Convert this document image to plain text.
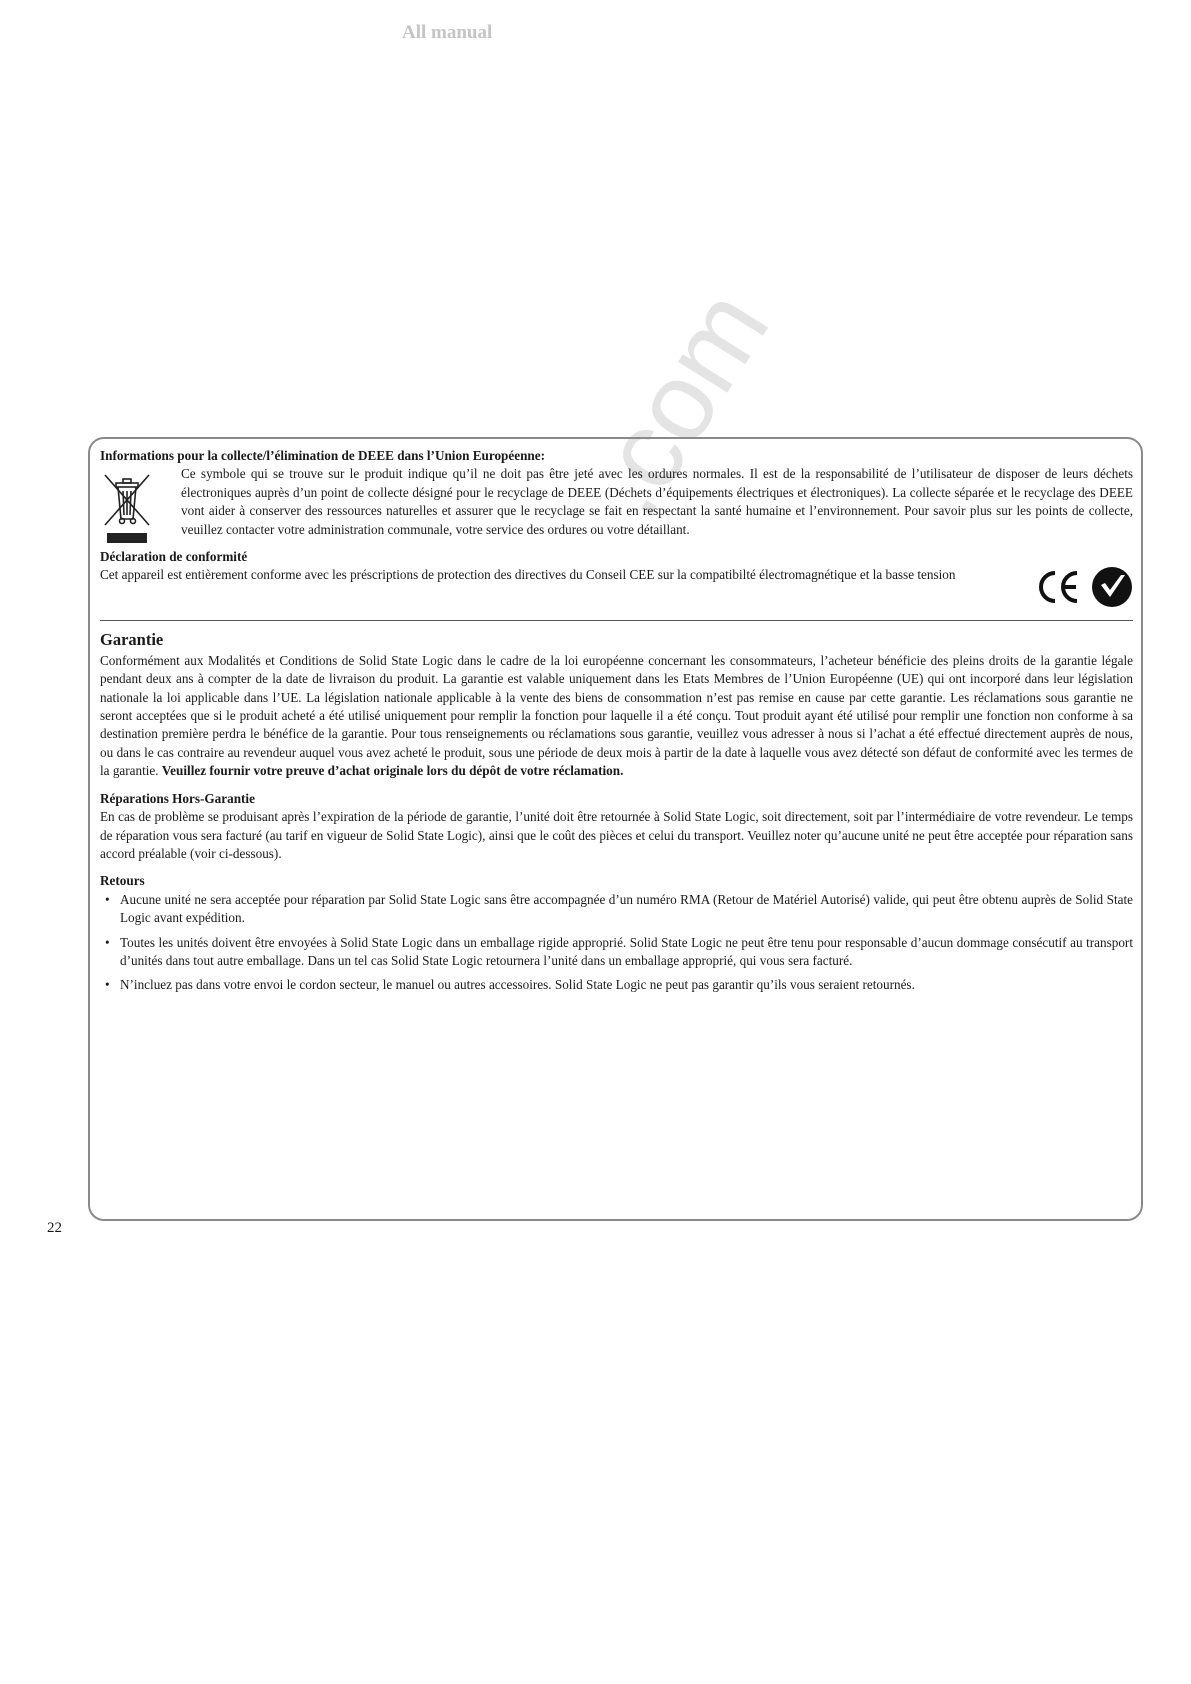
All manual
.com

Informations pour la collecte/l’élimination de DEEE dans l’Union Européenne:

Ce symbole qui se trouve sur le produit indique qu’il ne doit pas être jeté avec les ordures normales. Il est de la responsabilité de l’utilisateur de disposer de leurs déchets électroniques auprès d’un point de collecte désigné pour le recyclage de DEEE (Déchets d’équipements électriques et électroniques). La collecte séparée et le recyclage des DEEE vont aider à conserver des ressources naturelles et assurer que le recyclage se fait en respectant la santé humaine et l’environnement. Pour savoir plus sur les points de collecte, veuillez contacter votre administration communale, votre service des ordures ou votre détaillant.

Déclaration de conformité

Cet appareil est entièrement conforme avec les préscriptions de protection des directives du Conseil CEE sur la compatibilté électromagnétique et la basse tension

Garantie

Conformément aux Modalités et Conditions de Solid State Logic dans le cadre de la loi européenne concernant les consommateurs, l’acheteur bénéficie des pleins droits de la garantie légale pendant deux ans à compter de la date de livraison du produit. La garantie est valable uniquement dans les Etats Membres de l’Union Européenne (UE) qui ont incorporé dans leur législation nationale la loi applicable dans l’UE. La législation nationale applicable à la vente des biens de consommation n’est pas remise en cause par cette garantie. Les réclamations sous garantie ne seront acceptées que si le produit acheté a été utilisé uniquement pour remplir la fonction pour laquelle il a été conçu. Tout produit ayant été utilisé pour remplir une fonction non conforme à sa destination première perdra le bénéfice de la garantie. Pour tous renseignements ou réclamations sous garantie, veuillez vous adresser à nous si l’achat a été effectué directement auprès de nous, ou dans le cas contraire au revendeur auquel vous avez acheté le produit, sous une période de deux mois à partir de la date à laquelle vous avez détecté son défaut de conformité avec les termes de la garantie. Veuillez fournir votre preuve d’achat originale lors du dépôt de votre réclamation.

Réparations Hors-Garantie

En cas de problème se produisant après l’expiration de la période de garantie, l’unité doit être retournée à Solid State Logic, soit directement, soit par l’intermédiaire de votre revendeur. Le temps de réparation vous sera facturé (au tarif en vigueur de Solid State Logic), ainsi que le coût des pièces et celui du transport. Veuillez noter qu’aucune unité ne peut être acceptée pour réparation sans accord préalable (voir ci-dessous).

Retours

• Aucune unité ne sera acceptée pour réparation par Solid State Logic sans être accompagnée d’un numéro RMA (Retour de Matériel Autorisé) valide, qui peut être obtenu auprès de Solid State Logic avant expédition.
• Toutes les unités doivent être envoyées à Solid State Logic dans un emballage rigide approprié. Solid State Logic ne peut être tenu pour responsable d’aucun dommage consécutif au transport d’unités dans tout autre emballage. Dans un tel cas Solid State Logic retournera l’unité dans un emballage approprié, qui vous sera facturé.
• N’incluez pas dans votre envoi le cordon secteur, le manuel ou autres accessoires. Solid State Logic ne peut pas garantir qu’ils vous seraient retournés.
22
